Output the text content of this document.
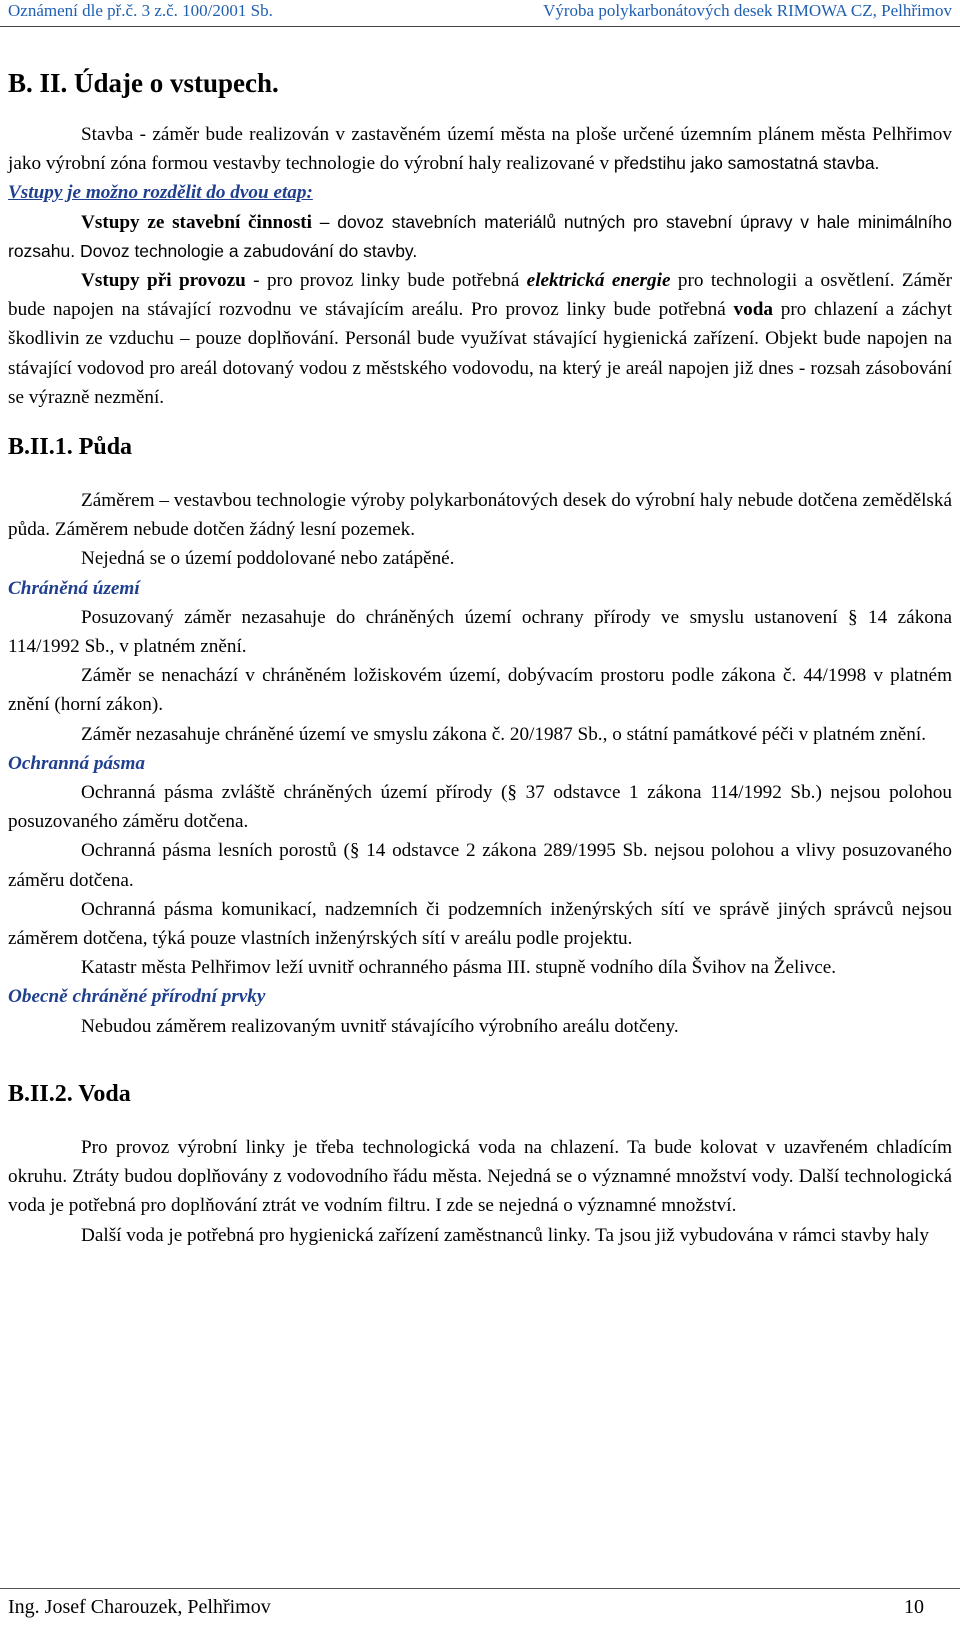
Oznámení dle př.č. 3 z.č. 100/2001 Sb.	Výroba polykarbonátových desek RIMOWA CZ, Pelhřimov
B. II. Údaje o vstupech.

Stavba - záměr bude realizován v zastavěném území města na ploše určené územním plánem města Pelhřimov jako výrobní zóna formou vestavby technologie do výrobní haly realizované v předstihu jako samostatná stavba.

Vstupy je možno rozdělit do dvou etap:

Vstupy ze stavební činnosti – dovoz stavebních materiálů nutných pro stavební úpravy v hale minimálního rozsahu. Dovoz technologie a zabudování do stavby.

Vstupy při provozu - pro provoz linky bude potřebná elektrická energie pro technologii a osvětlení. Záměr bude napojen na stávající rozvodnu ve stávajícím areálu. Pro provoz linky bude potřebná voda pro chlazení a záchyt škodlivin ze vzduchu – pouze doplňování. Personál bude využívat stávající hygienická zařízení. Objekt bude napojen na stávající vodovod pro areál dotovaný vodou z městského vodovodu, na který je areál napojen již dnes - rozsah zásobování se výrazně nezmění.

B.II.1. Půda

Záměrem – vestavbou technologie výroby polykarbonátových desek do výrobní haly nebude dotčena zemědělská půda. Záměrem nebude dotčen žádný lesní pozemek.

Nejedná se o území poddolované nebo zatápěné.

Chráněná území

Posuzovaný záměr nezasahuje do chráněných území ochrany přírody ve smyslu ustanovení § 14 zákona 114/1992 Sb., v platném znění.

Záměr se nenachází v chráněném ložiskovém území, dobývacím prostoru podle zákona č. 44/1998 v platném znění (horní zákon).

Záměr nezasahuje chráněné území ve smyslu zákona č. 20/1987 Sb., o státní památkové péči v platném znění.

Ochranná pásma

Ochranná pásma zvláště chráněných území přírody (§ 37 odstavce 1 zákona 114/1992 Sb.) nejsou polohou posuzovaného záměru dotčena.

Ochranná pásma lesních porostů (§ 14 odstavce 2 zákona 289/1995 Sb. nejsou polohou a vlivy posuzovaného záměru dotčena.

Ochranná pásma komunikací, nadzemních či podzemních inženýrských sítí ve správě jiných správců nejsou záměrem dotčena, týká pouze vlastních inženýrských sítí v areálu podle projektu.

Katastr města Pelhřimov leží uvnitř ochranného pásma III. stupně vodního díla Švihov na Želivce.

Obecně chráněné přírodní prvky

Nebudou záměrem realizovaným uvnitř stávajícího výrobního areálu dotčeny.

B.II.2. Voda

Pro provoz výrobní linky je třeba technologická voda na chlazení. Ta bude kolovat v uzavřeném chladícím okruhu. Ztráty budou doplňovány z vodovodního řádu města. Nejedná se o významné množství vody. Další technologická voda je potřebná pro doplňování ztrát ve vodním filtru. I zde se nejedná o významné množství.

Další voda je potřebná pro hygienická zařízení zaměstnanců linky. Ta jsou již vybudována v rámci stavby haly

Ing. Josef Charouzek, Pelhřimov	10
